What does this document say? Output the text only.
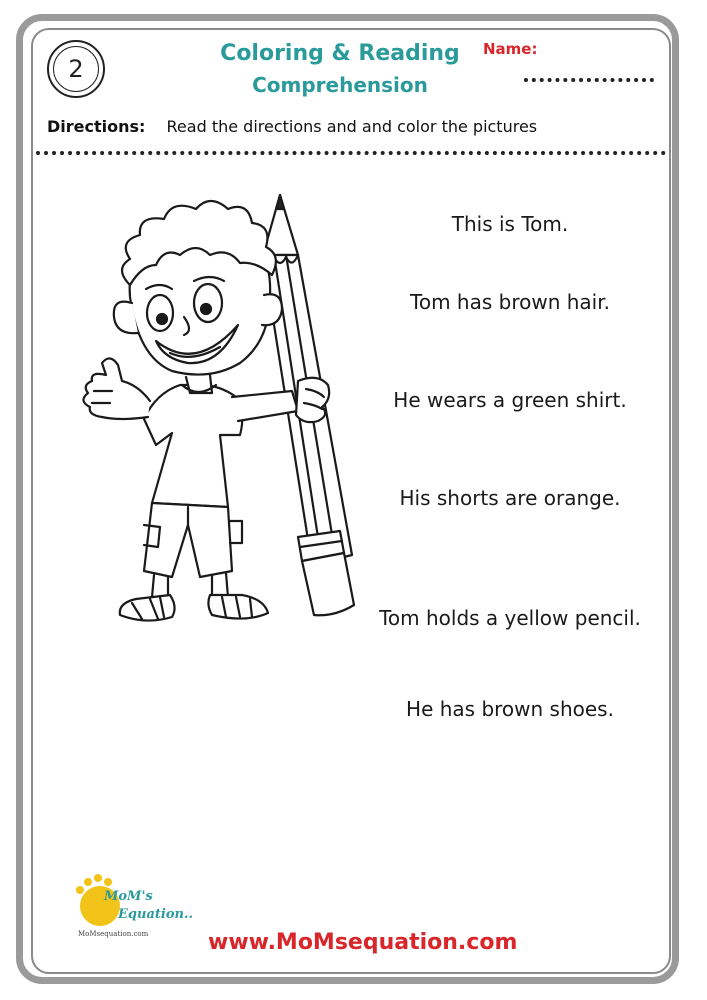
2
Coloring & Reading
Comprehension
Name:
Directions: Read the directions and and color the pictures
This is Tom.
Tom has brown hair.
He wears a green shirt.
His shorts are orange.
Tom holds a yellow pencil.
He has brown shoes.
MoM's
Equation..
MoMsequation.com	www.MoMsequation.com
